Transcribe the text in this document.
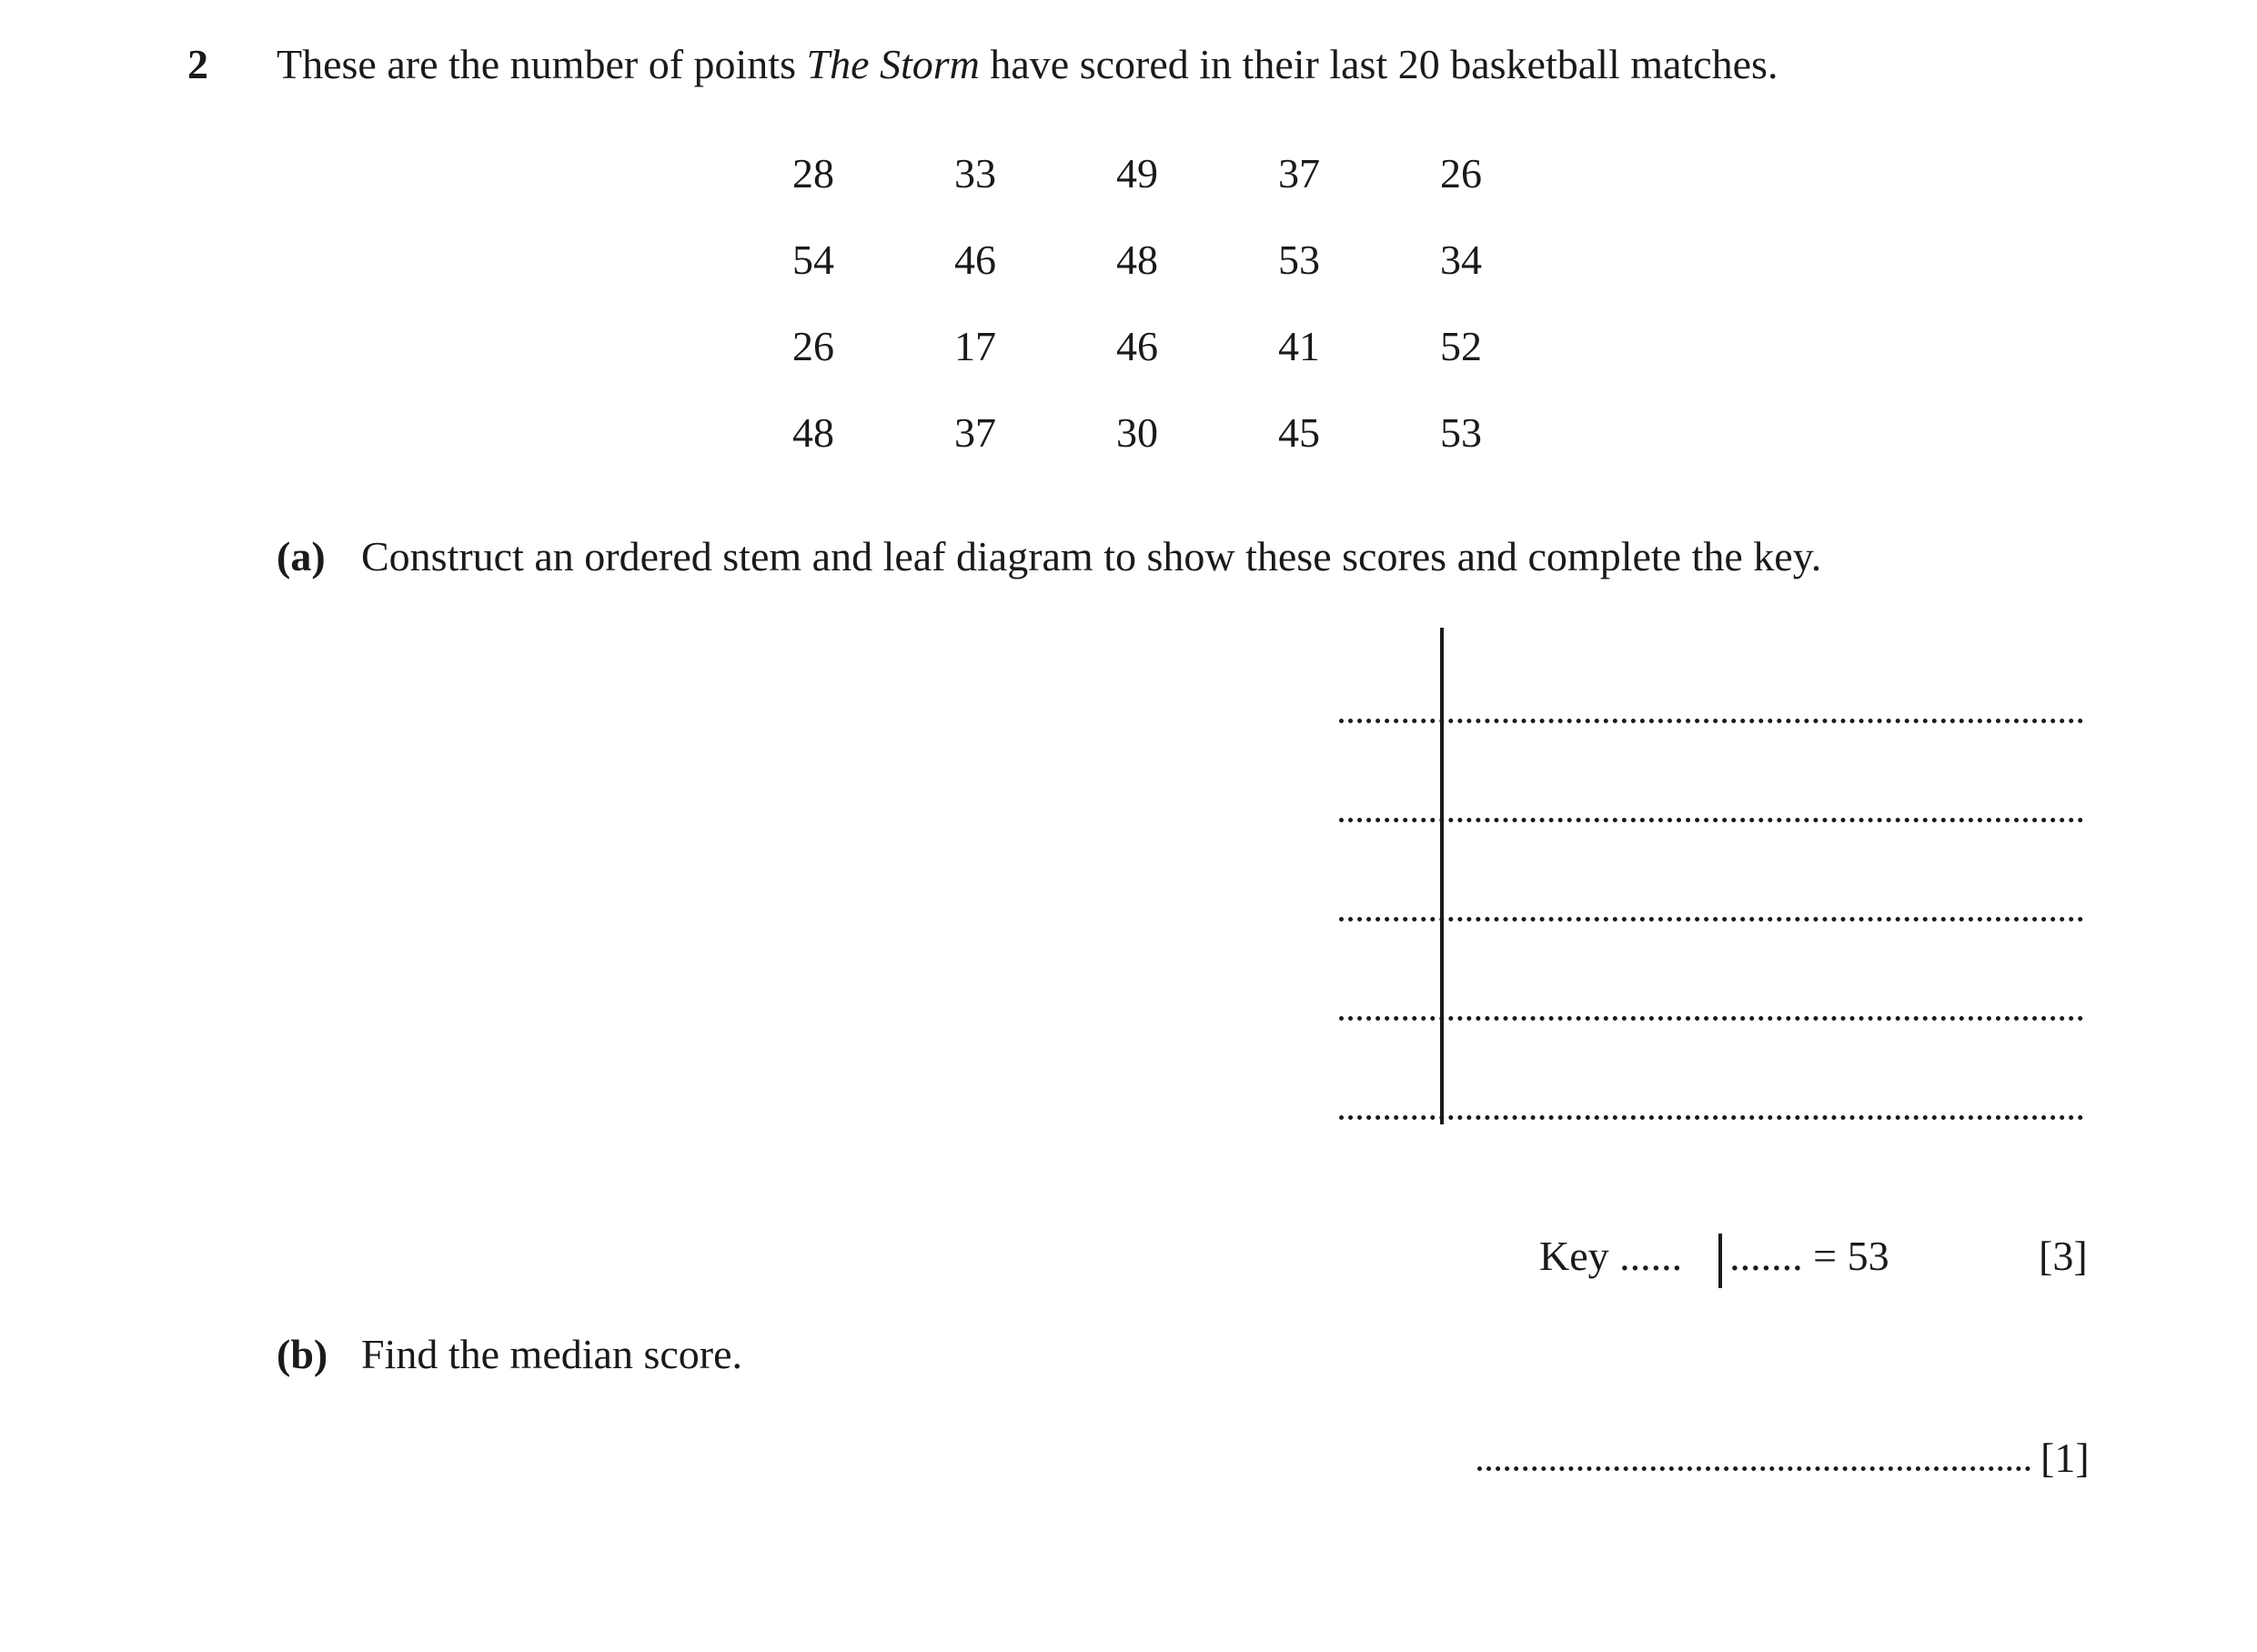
2 These are the number of points The Storm have scored in their last 20 basketball matches.
28	33	49	37	26
54	46	48	53	34
26	17	46	41	52
48	37	30	45	53
(a) Construct an ordered stem and leaf diagram to show these scores and complete the key.
Key ...... ....... = 53	[3]
(b) Find the median score.
[1]
